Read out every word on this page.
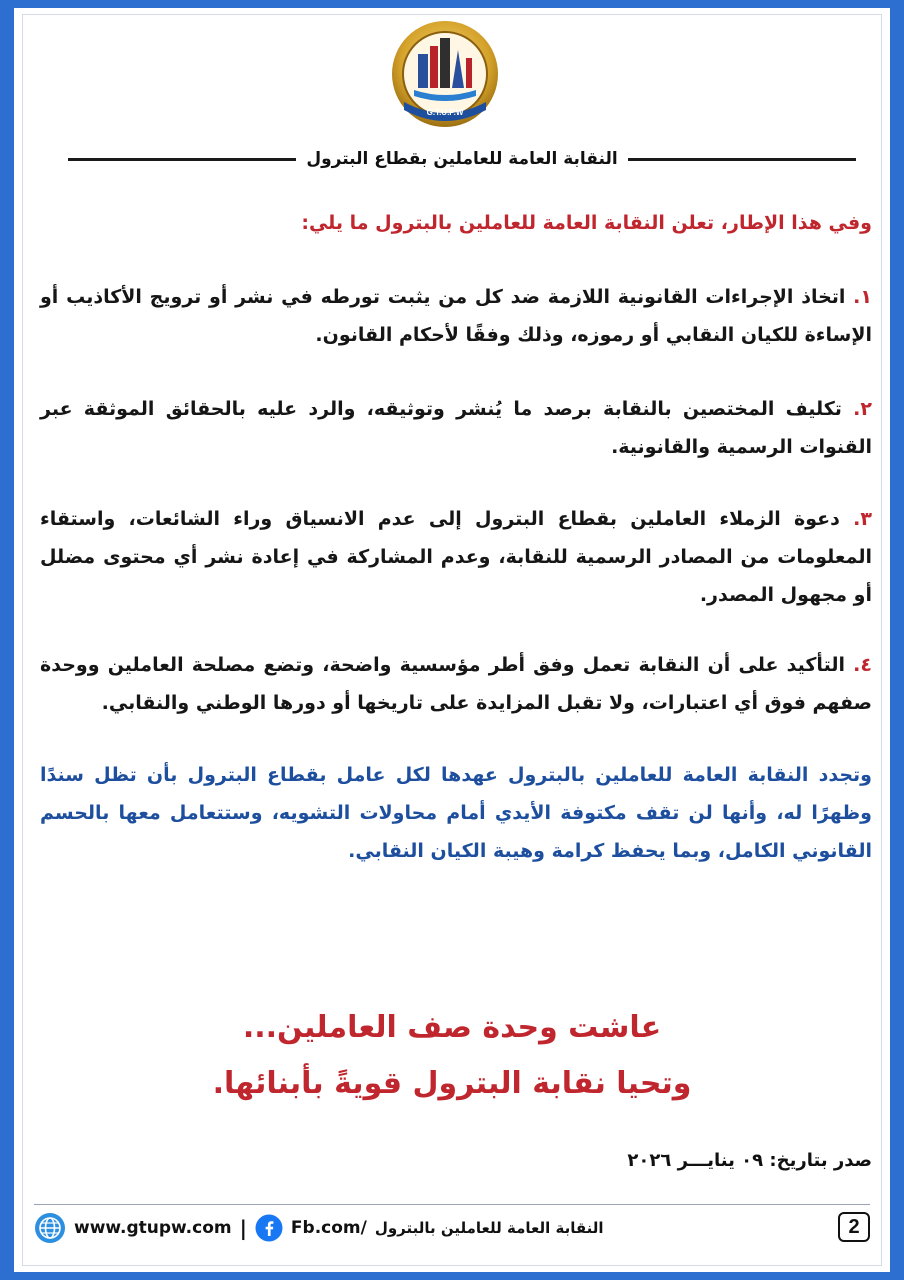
G.T.U.P.W
النقابة العامة للعاملين بقطاع البترول

وفي هذا الإطار، تعلن النقابة العامة للعاملين بالبترول ما يلي:

١. اتخاذ الإجراءات القانونية اللازمة ضد كل من يثبت تورطه في نشر أو ترويج الأكاذيب أو الإساءة للكيان النقابي أو رموزه، وذلك وفقًا لأحكام القانون.

٢. تكليف المختصين بالنقابة برصد ما يُنشر وتوثيقه، والرد عليه بالحقائق الموثقة عبر القنوات الرسمية والقانونية.

٣. دعوة الزملاء العاملين بقطاع البترول إلى عدم الانسياق وراء الشائعات، واستقاء المعلومات من المصادر الرسمية للنقابة، وعدم المشاركة في إعادة نشر أي محتوى مضلل أو مجهول المصدر.

٤. التأكيد على أن النقابة تعمل وفق أطر مؤسسية واضحة، وتضع مصلحة العاملين ووحدة صفهم فوق أي اعتبارات، ولا تقبل المزايدة على تاريخها أو دورها الوطني والنقابي.

وتجدد النقابة العامة للعاملين بالبترول عهدها لكل عامل بقطاع البترول بأن تظل سندًا وظهرًا له، وأنها لن تقف مكتوفة الأيدي أمام محاولات التشويه، وستتعامل معها بالحسم القانوني الكامل، وبما يحفظ كرامة وهيبة الكيان النقابي.

عاشت وحدة صف العاملين...
وتحيا نقابة البترول قويةً بأبنائها.
صدر بتاريخ: ٠٩ ينايـــر ٢٠٢٦
www.gtupw.com |	Fb.com/ النقابة العامة للعاملين بالبترول	2
